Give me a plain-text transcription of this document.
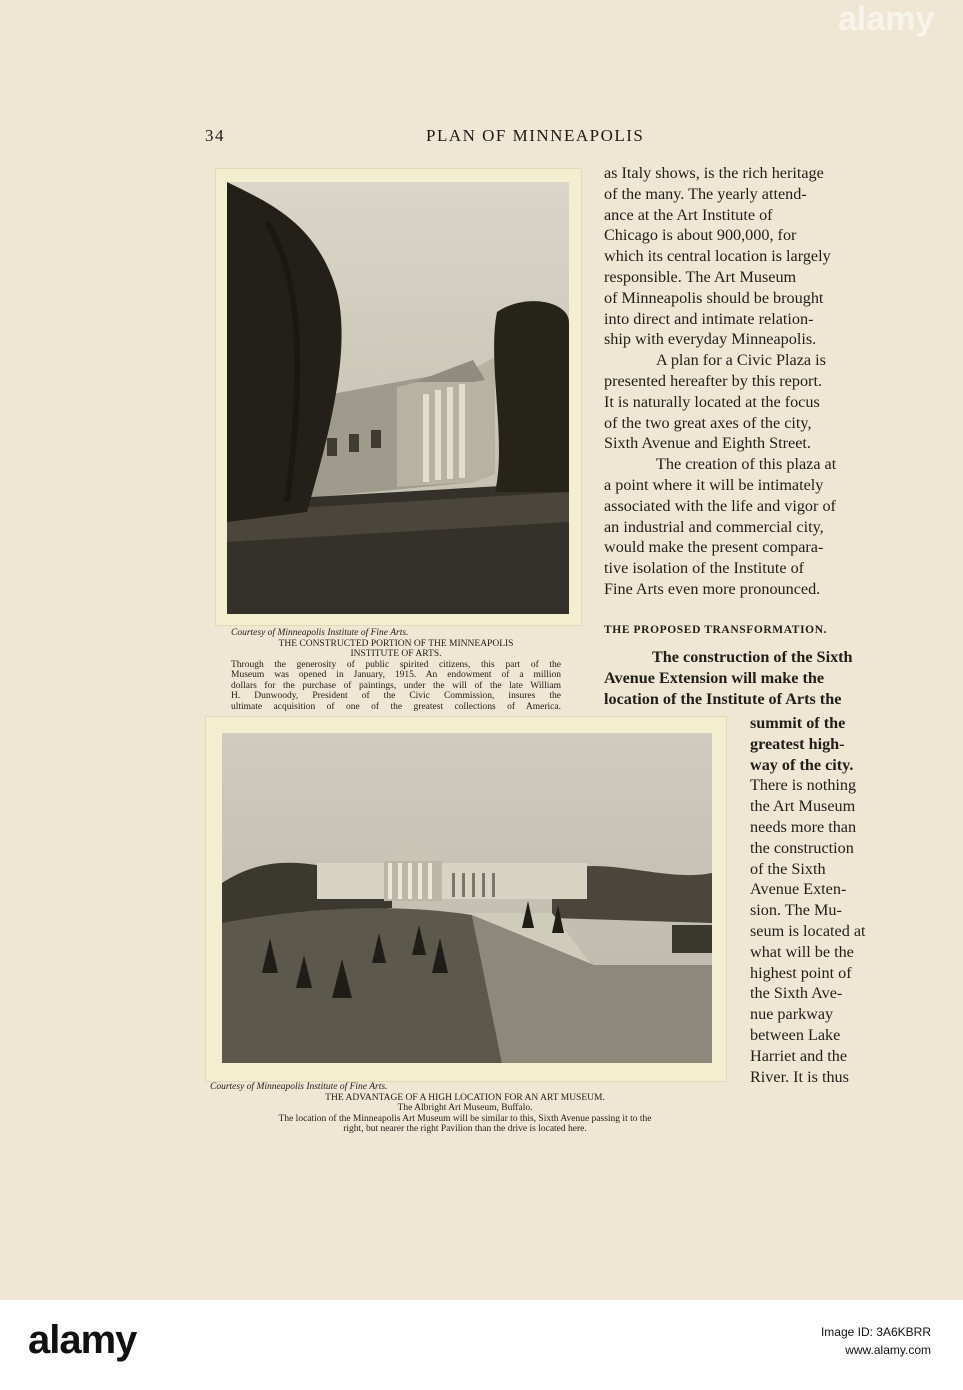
34	PLAN OF MINNEAPOLIS
Courtesy of Minneapolis Institute of Fine Arts.
THE CONSTRUCTED PORTION OF THE MINNEAPOLIS
INSTITUTE OF ARTS.
Through the generosity of public spirited citizens, this part of the
Museum was opened in January, 1915. An endowment of a million
dollars for the purchase of paintings, under the will of the late William
H. Dunwoody, President of the Civic Commission, insures the
ultimate acquisition of one of the greatest collections of America.
Courtesy of Minneapolis Institute of Fine Arts.
THE ADVANTAGE OF A HIGH LOCATION FOR AN ART MUSEUM.
The Albright Art Museum, Buffalo.
The location of the Minneapolis Art Museum will be similar to this, Sixth Avenue passing it to the
right, but nearer the right Pavilion than the drive is located here.

as Italy shows, is the rich heritage

of the many. The yearly attend-

ance at the Art Institute of

Chicago is about 900,000, for

which its central location is largely

responsible. The Art Museum

of Minneapolis should be brought

into direct and intimate relation-

ship with everyday Minneapolis.

A plan for a Civic Plaza is

presented hereafter by this report.

It is naturally located at the focus

of the two great axes of the city,

Sixth Avenue and Eighth Street.

The creation of this plaza at

a point where it will be intimately

associated with the life and vigor of

an industrial and commercial city,

would make the present compara-

tive isolation of the Institute of

Fine Arts even more pronounced.

THE PROPOSED TRANSFORMATION.

The construction of the Sixth

Avenue Extension will make the

location of the Institute of Arts the

summit of the

greatest high-

way of the city.

There is nothing

the Art Museum

needs more than

the construction

of the Sixth

Avenue Exten-

sion. The Mu-

seum is located at

what will be the

highest point of

the Sixth Ave-

nue parkway

between Lake

Harriet and the

River. It is thus

alamy
alamy	Image ID: 3A6KBRR
www.alamy.com
